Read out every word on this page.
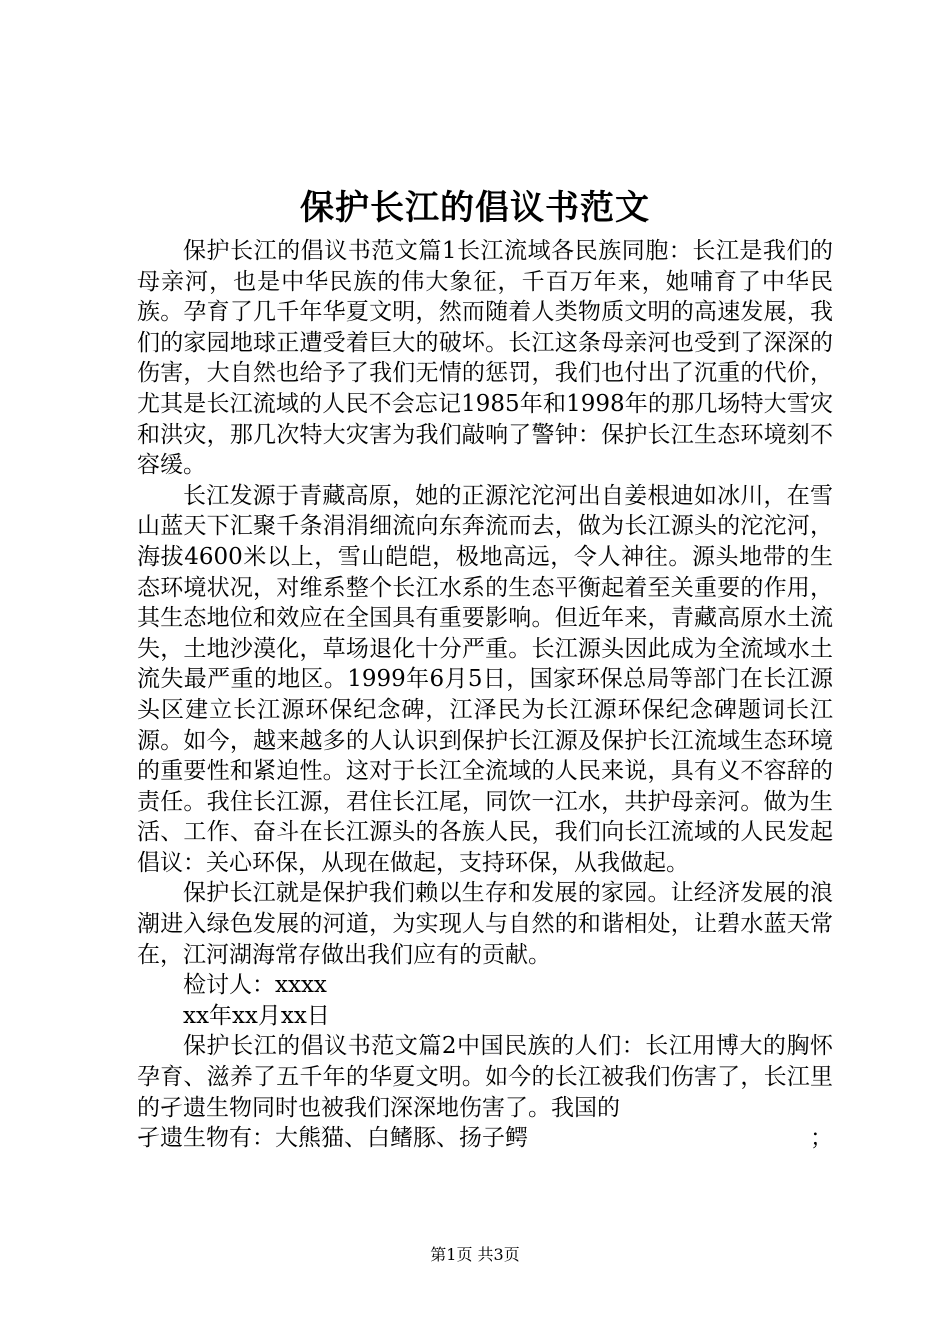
保护长江的倡议书范文

保护长江的倡议书范文篇1长江流域各民族同胞：长江是我们的母亲河，也是中华民族的伟大象征，千百万年来，她哺育了中华民族。孕育了几千年华夏文明，然而随着人类物质文明的高速发展，我们的家园地球正遭受着巨大的破坏。长江这条母亲河也受到了深深的伤害，大自然也给予了我们无情的惩罚，我们也付出了沉重的代价，尤其是长江流域的人民不会忘记1985年和1998年的那几场特大雪灾和洪灾，那几次特大灾害为我们敲响了警钟：保护长江生态环境刻不容缓。

长江发源于青藏高原，她的正源沱沱河出自姜根迪如冰川，在雪山蓝天下汇聚千条涓涓细流向东奔流而去，做为长江源头的沱沱河，海拔4600米以上，雪山皑皑，极地高远，令人神往。源头地带的生态环境状况，对维系整个长江水系的生态平衡起着至关重要的作用，其生态地位和效应在全国具有重要影响。但近年来，青藏高原水土流失，土地沙漠化，草场退化十分严重。长江源头因此成为全流域水土流失最严重的地区。1999年6月5日，国家环保总局等部门在长江源头区建立长江源环保纪念碑，江泽民为长江源环保纪念碑题词长江源。如今，越来越多的人认识到保护长江源及保护长江流域生态环境的重要性和紧迫性。这对于长江全流域的人民来说，具有义不容辞的责任。我住长江源，君住长江尾，同饮一江水，共护母亲河。做为生活、工作、奋斗在长江源头的各族人民，我们向长江流域的人民发起倡议：关心环保，从现在做起，支持环保，从我做起。

保护长江就是保护我们赖以生存和发展的家园。让经济发展的浪潮进入绿色发展的河道，为实现人与自然的和谐相处，让碧水蓝天常在，江河湖海常存做出我们应有的贡献。

检讨人：xxxx

xx年xx月xx日

保护长江的倡议书范文篇2中国民族的人们：长江用博大的胸怀孕育、滋养了五千年的华夏文明。如今的长江被我们伤害了，长江里的孑遗生物同时也被我们深深地伤害了。我国的

孑遗生物有：大熊猫、白鳍豚、扬子鳄	；
第1页 共3页
